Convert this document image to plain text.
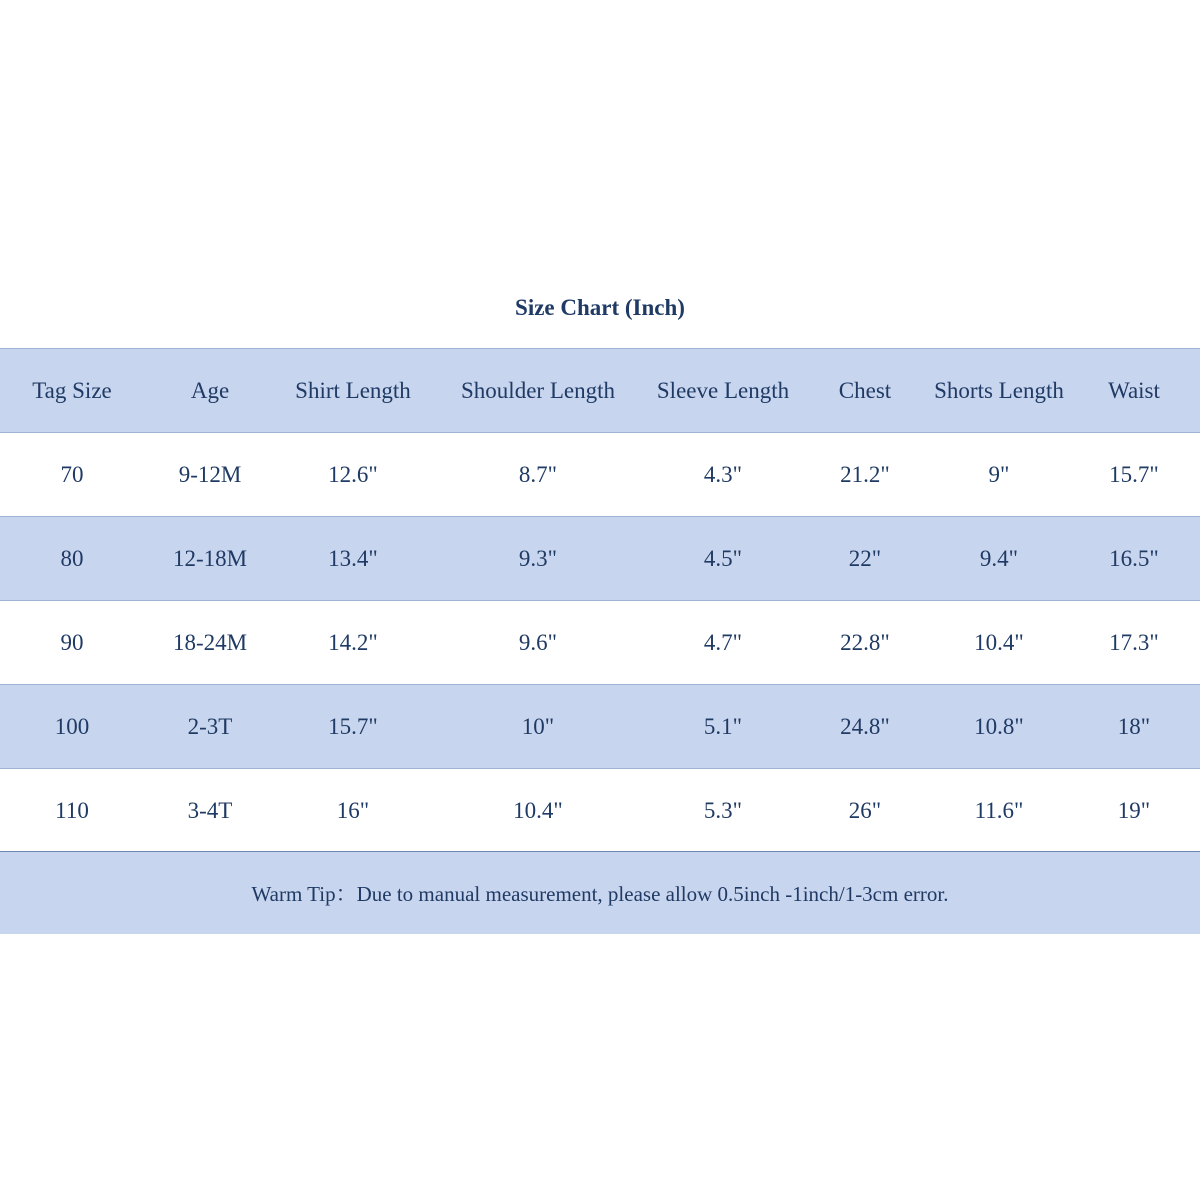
Size Chart (Inch)
Tag Size	Age	Shirt Length	Shoulder Length	Sleeve Length	Chest	Shorts Length	Waist
70	9-12M	12.6"	8.7"	4.3"	21.2"	9"	15.7"
80	12-18M	13.4"	9.3"	4.5"	22"	9.4"	16.5"
90	18-24M	14.2"	9.6"	4.7"	22.8"	10.4"	17.3"
100	2-3T	15.7"	10"	5.1"	24.8"	10.8"	18"
110	3-4T	16"	10.4"	5.3"	26"	11.6"	19"
Warm Tip：Due to manual measurement, please allow 0.5inch -1inch/1-3cm error.
